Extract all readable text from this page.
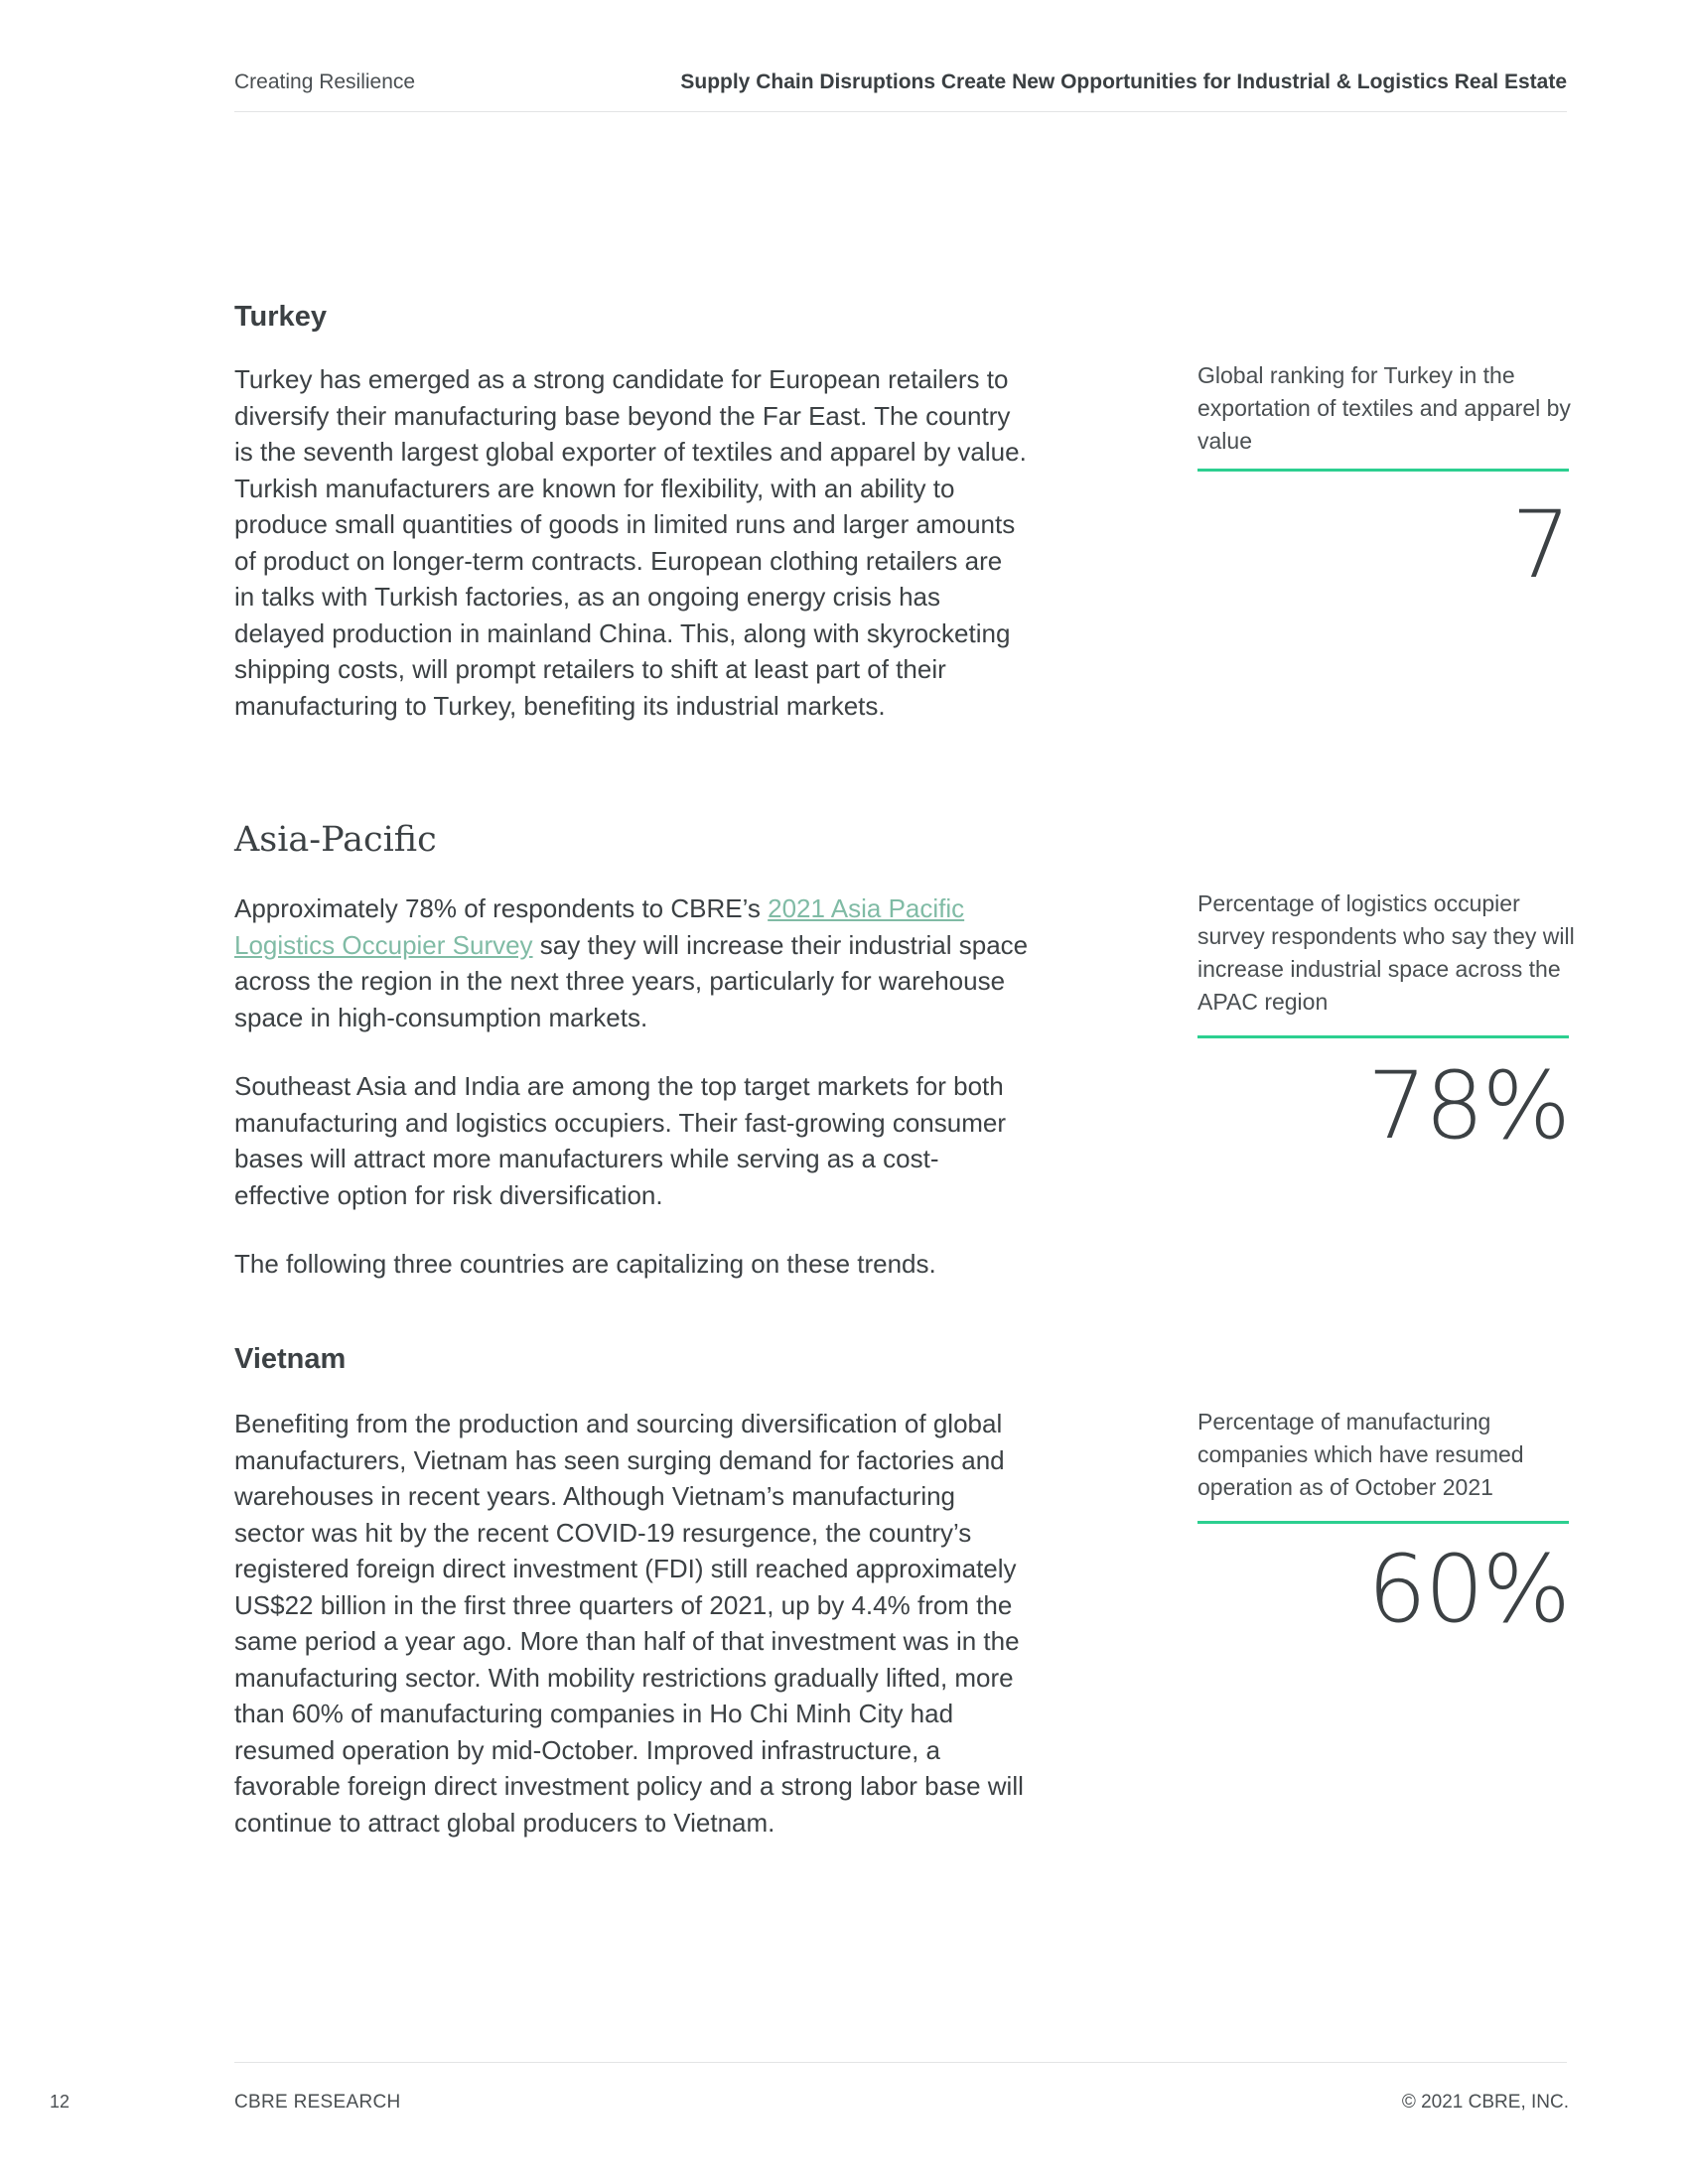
Creating Resilience	Supply Chain Disruptions Create New Opportunities for Industrial & Logistics Real Estate
Turkey

Turkey has emerged as a strong candidate for European retailers to diversify their manufacturing base beyond the Far East. The country is the seventh largest global exporter of textiles and apparel by value. Turkish manufacturers are known for flexibility, with an ability to produce small quantities of goods in limited runs and larger amounts of product on longer-term contracts. European clothing retailers are in talks with Turkish factories, as an ongoing energy crisis has delayed production in mainland China. This, along with skyrocketing shipping costs, will prompt retailers to shift at least part of their manufacturing to Turkey, benefiting its industrial markets.

Global ranking for Turkey in the exportation of textiles and apparel by value
7
Asia-Pacific

Approximately 78% of respondents to CBRE’s 2021 Asia Pacific Logistics Occupier Survey say they will increase their industrial space across the region in the next three years, particularly for warehouse space in high-consumption markets.

Southeast Asia and India are among the top target markets for both manufacturing and logistics occupiers. Their fast-growing consumer bases will attract more manufacturers while serving as a cost-effective option for risk diversification.

The following three countries are capitalizing on these trends.

Percentage of logistics occupier survey respondents who say they will increase industrial space across the APAC region
78%
Vietnam

Benefiting from the production and sourcing diversification of global manufacturers, Vietnam has seen surging demand for factories and warehouses in recent years. Although Vietnam’s manufacturing sector was hit by the recent COVID-19 resurgence, the country’s registered foreign direct investment (FDI) still reached approximately US$22 billion in the first three quarters of 2021, up by 4.4% from the same period a year ago. More than half of that investment was in the manufacturing sector. With mobility restrictions gradually lifted, more than 60% of manufacturing companies in Ho Chi Minh City had resumed operation by mid-October. Improved infrastructure, a favorable foreign direct investment policy and a strong labor base will continue to attract global producers to Vietnam.

Percentage of manufacturing companies which have resumed operation as of October 2021
60%
12	CBRE RESEARCH	© 2021 CBRE, INC.
